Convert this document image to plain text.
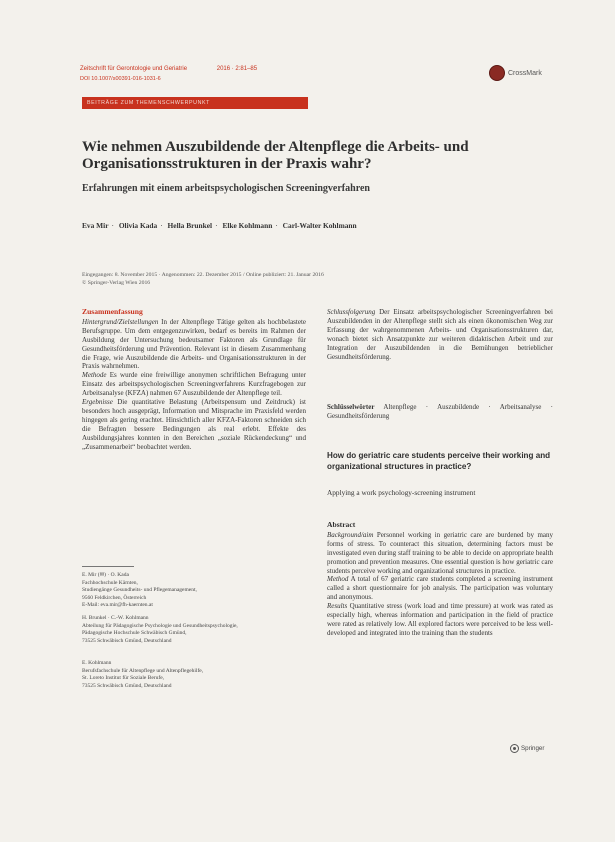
Zeitschrift für Gerontologie und Geriatrie	2016 · 2:81–85
DOI 10.1007/s00391-016-1031-6
CrossMark
BEITRÄGE ZUM THEMENSCHWERPUNKT
Wie nehmen Auszubildende der Altenpflege die Arbeits- und Organisationsstrukturen in der Praxis wahr?
Erfahrungen mit einem arbeitspsychologischen Screeningverfahren
Eva Mir · Olivia Kada · Hella Brunkel · Elke Kohlmann · Carl-Walter Kohlmann
Eingegangen: 8. November 2015 · Angenommen: 22. Dezember 2015 / Online publiziert: 21. Januar 2016
© Springer-Verlag Wien 2016
Zusammenfassung

Hintergrund/Zielstellungen In der Altenpflege Tätige gelten als hochbelastete Berufsgruppe. Um dem entgegenzuwirken, bedarf es bereits im Rahmen der Ausbildung der Untersuchung bedeutsamer Faktoren als Grundlage für Gesundheitsförderung und Prävention. Relevant ist in diesem Zusammenhang die Frage, wie Auszubildende die Arbeits- und Organisationsstrukturen in der Praxis wahrnehmen.

Methode Es wurde eine freiwillige anonymen schriftlichen Befragung unter Einsatz des arbeitspsychologischen Screeningverfahrens Kurzfragebogen zur Arbeitsanalyse (KFZA) nahmen 67 Auszubildende der Altenpflege teil.

Ergebnisse Die quantitative Belastung (Arbeitspensum und Zeitdruck) ist besonders hoch ausgeprägt, Information und Mitsprache im Praxisfeld werden hingegen als gering erachtet. Hinsichtlich aller KFZA-Faktoren schneiden sich die Befragten bessere Bedingungen als real erlebt. Effekte des Ausbildungsjahres konnten in den Bereichen „soziale Rückendeckung“ und „Zusammenarbeit“ beobachtet werden.

Schlussfolgerung Der Einsatz arbeitspsychologischer Screeningverfahren bei Auszubildenden in der Altenpflege stellt sich als einen ökonomischen Weg zur Erfassung der wahrgenommenen Arbeits- und Organisationsstrukturen dar, wonach bietet sich Ansatzpunkte zur weiteren didaktischen Arbeit und zur Integration der Auszubildenden in die Bemühungen betrieblicher Gesundheitsförderung.

Schlüsselwörter Altenpflege · Auszubildende · Arbeitsanalyse · Gesundheitsförderung
How do geriatric care students perceive their working and organizational structures in practice?
Applying a work psychology-screening instrument
Abstract

Background/aim Personnel working in geriatric care are burdened by many forms of stress. To counteract this situation, determining factors must be investigated even during staff training to be able to decide on appropriate health promotion and prevention measures. One essential question is how geriatric care students perceive working and organizational structures in practice.

Method A total of 67 geriatric care students completed a screening instrument called a short questionnaire for job analysis. The participation was voluntary and anonymous.

Results Quantitative stress (work load and time pressure) at work was rated as especially high, whereas information and participation in the field of practice were rated as relatively low. All explored factors were perceived to be less well-developed and integrated into the training than the students

E. Mir (✉) · O. Kada

Fachhochschule Kärnten,

Studiengänge Gesundheits- und Pflegemanagement,

9560 Feldkirchen, Österreich

E-Mail: eva.mir@fh-kaernten.at

H. Brunkel · C.-W. Kohlmann

Abteilung für Pädagogische Psychologie und Gesundheitspsychologie,

Pädagogische Hochschule Schwäbisch Gmünd,

73525 Schwäbisch Gmünd, Deutschland

E. Kohlmann

Berufsfachschule für Altenpflege und Altenpflegehilfe,

St. Loreto Institut für Soziale Berufe,

73525 Schwäbisch Gmünd, Deutschland

Springer
